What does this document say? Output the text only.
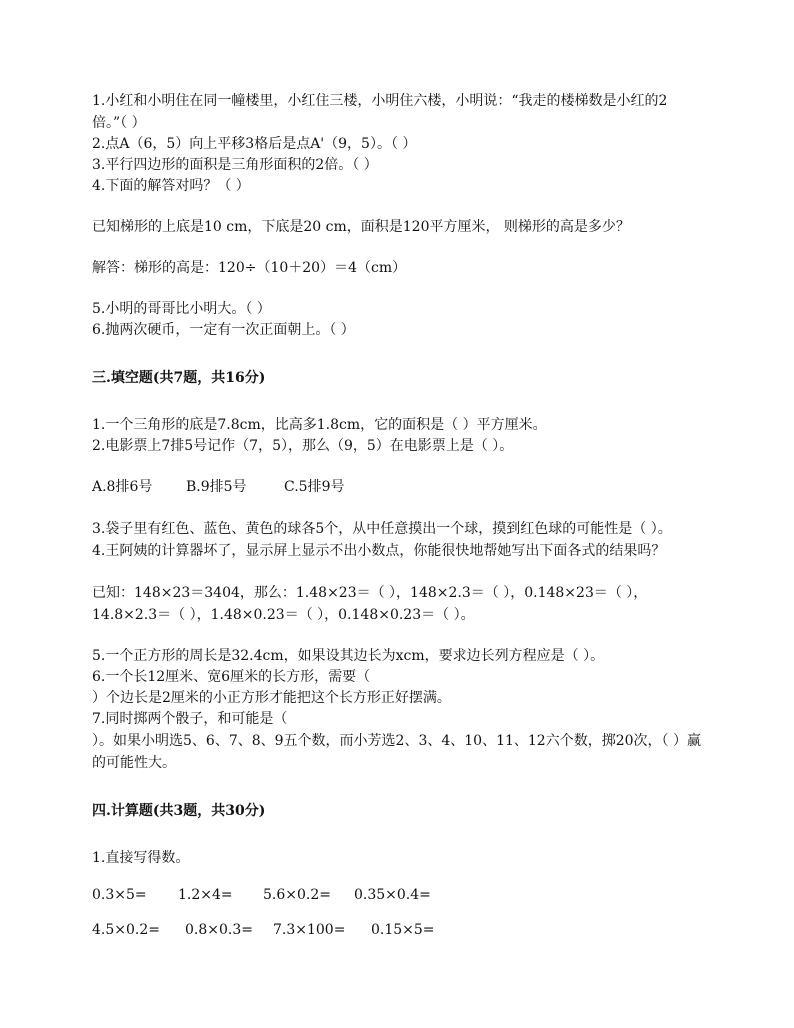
1.小红和小明住在同一幢楼里，小红住三楼，小明住六楼，小明说：“我走的楼梯数是小红的2倍。”（ ）
2.点A（6，5）向上平移3格后是点A'（9，5）。（ ）
3.平行四边形的面积是三角形面积的2倍。（ ）
4.下面的解答对吗？（ ）
已知梯形的上底是10 cm，下底是20 cm，面积是120平方厘米， 则梯形的高是多少？
解答：梯形的高是：120÷（10＋20）＝4（cm）
5.小明的哥哥比小明大。（ ）
6.抛两次硬币，一定有一次正面朝上。（ ）
三.填空题(共7题，共16分)
1.一个三角形的底是7.8cm，比高多1.8cm，它的面积是（ ）平方厘米。
2.电影票上7排5号记作（7，5），那么（9，5）在电影票上是（ ）。
A.8排6号 B.9排5号	C.5排9号
3.袋子里有红色、蓝色、黄色的球各5个，从中任意摸出一个球，摸到红色球的可能性是（ ）。
4.王阿姨的计算器坏了，显示屏上显示不出小数点，你能很快地帮她写出下面各式的结果吗？
已知：148×23＝3404，那么：1.48×23＝（ ），148×2.3＝（ ），0.148×23＝（ ），14.8×2.3＝（ ），1.48×0.23＝（ ），0.148×0.23＝（ ）。
5.一个正方形的周长是32.4cm，如果设其边长为xcm，要求边长列方程应是（ ）。
6.一个长12厘米、宽6厘米的长方形，需要（
）个边长是2厘米的小正方形才能把这个长方形正好摆满。
7.同时掷两个骰子，和可能是（
）。如果小明选5、6、7、8、9五个数，而小芳选2、3、4、10、11、12六个数，掷20次，（ ）赢的可能性大。
四.计算题(共3题，共30分)
1.直接写得数。
0.3×5= 1.2×4= 5.6×0.2= 0.35×0.4=
4.5×0.2= 0.8×0.3= 7.3×100= 0.15×5=
